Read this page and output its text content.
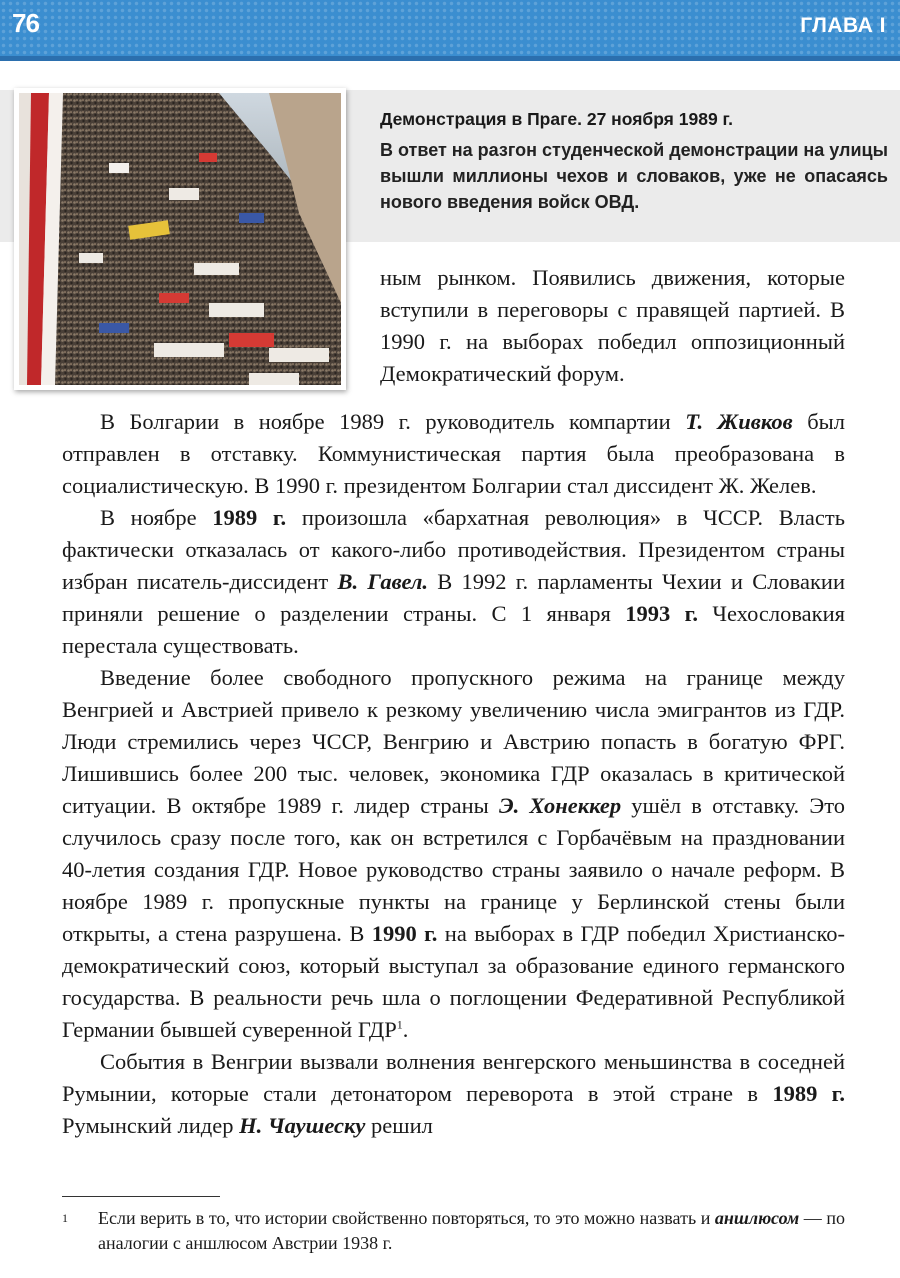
76	ГЛАВА I
Демонстрация в Праге. 27 ноября 1989 г.
В ответ на разгон студенческой демонстрации на улицы вышли миллионы чехов и словаков, уже не опасаясь нового введения войск ОВД.
ным рынком. Появились движения, которые вступили в переговоры с правящей партией. В 1990 г. на выборах победил оппозиционный Демократический форум.

В Болгарии в ноябре 1989 г. руководитель компартии Т. Живков был отправлен в отставку. Коммунистическая партия была преобразована в социалистическую. В 1990 г. президентом Болгарии стал диссидент Ж. Желев.

В ноябре 1989 г. произошла «бархатная революция» в ЧССР. Власть фактически отказалась от какого-либо противодействия. Президентом страны избран писатель-диссидент В. Гавел. В 1992 г. парламенты Чехии и Словакии приняли решение о разделении страны. С 1 января 1993 г. Чехословакия перестала существовать.

Введение более свободного пропускного режима на границе между Венгрией и Австрией привело к резкому увеличению числа эмигрантов из ГДР. Люди стремились через ЧССР, Венгрию и Австрию попасть в богатую ФРГ. Лишившись более 200 тыс. человек, экономика ГДР оказалась в критической ситуации. В октябре 1989 г. лидер страны Э. Хонеккер ушёл в отставку. Это случилось сразу после того, как он встретился с Горбачёвым на праздновании 40-летия создания ГДР. Новое руководство страны заявило о начале реформ. В ноябре 1989 г. пропускные пункты на границе у Берлинской стены были открыты, а стена разрушена. В 1990 г. на выборах в ГДР победил Христианско-демократический союз, который выступал за образование единого германского государства. В реальности речь шла о поглощении Федеративной Республикой Германии бывшей суверенной ГДР$^1$.

События в Венгрии вызвали волнения венгерского меньшинства в соседней Румынии, которые стали детонатором переворота в этой стране в 1989 г. Румынский лидер Н. Чаушеску решил

1 Если верить в то, что истории свойственно повторяться, то это можно назвать и аншлюсом — по аналогии с аншлюсом Австрии 1938 г.
